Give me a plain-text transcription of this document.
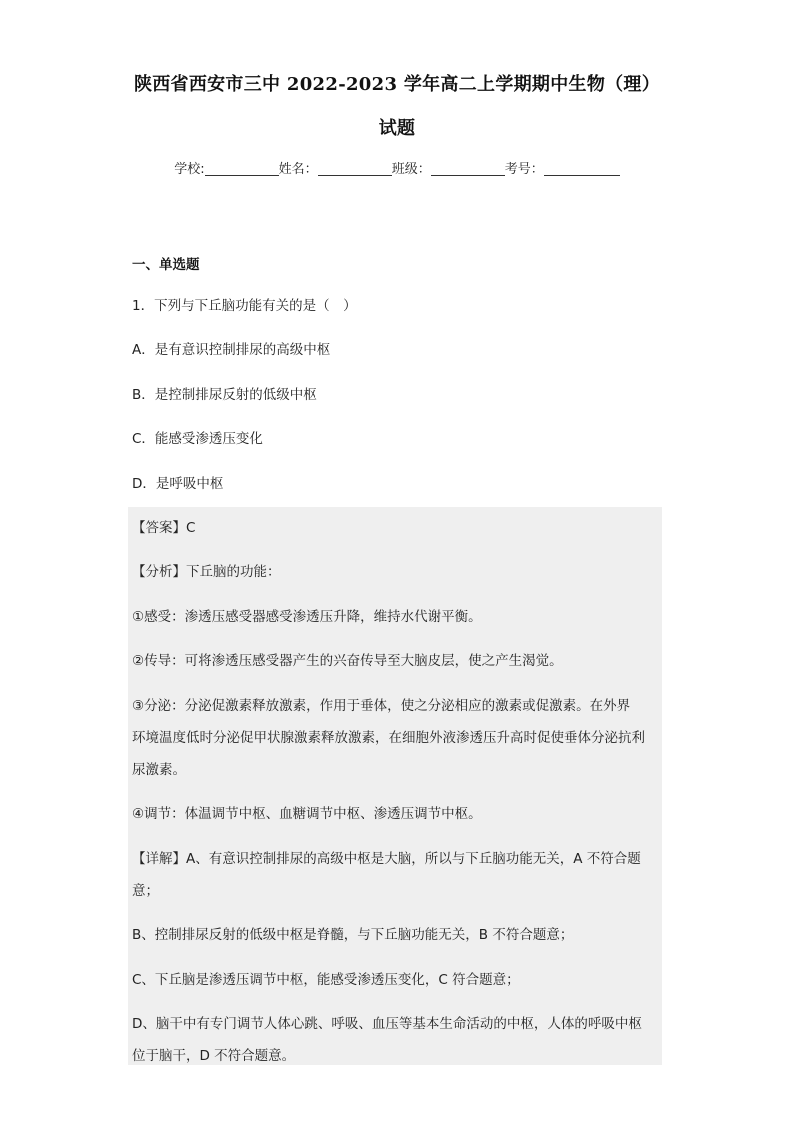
陕西省西安市三中 2022-2023 学年高二上学期期中生物（理）
试题
学校:	姓名：	班级：	考号：
一、单选题
1．下列与下丘脑功能有关的是（　）
A．是有意识控制排尿的高级中枢
B．是控制排尿反射的低级中枢
C．能感受渗透压变化
D．是呼吸中枢
【答案】C
【分析】下丘脑的功能：
①感受：渗透压感受器感受渗透压升降，维持水代谢平衡。
②传导：可将渗透压感受器产生的兴奋传导至大脑皮层，使之产生渴觉。
③分泌：分泌促激素释放激素，作用于垂体，使之分泌相应的激素或促激素。在外界
环境温度低时分泌促甲状腺激素释放激素，在细胞外液渗透压升高时促使垂体分泌抗利
尿激素。
④调节：体温调节中枢、血糖调节中枢、渗透压调节中枢。
【详解】A、有意识控制排尿的高级中枢是大脑，所以与下丘脑功能无关，A 不符合题
意；
B、控制排尿反射的低级中枢是脊髓，与下丘脑功能无关，B 不符合题意；
C、下丘脑是渗透压调节中枢，能感受渗透压变化，C 符合题意；
D、脑干中有专门调节人体心跳、呼吸、血压等基本生命活动的中枢，人体的呼吸中枢
位于脑干，D 不符合题意。
